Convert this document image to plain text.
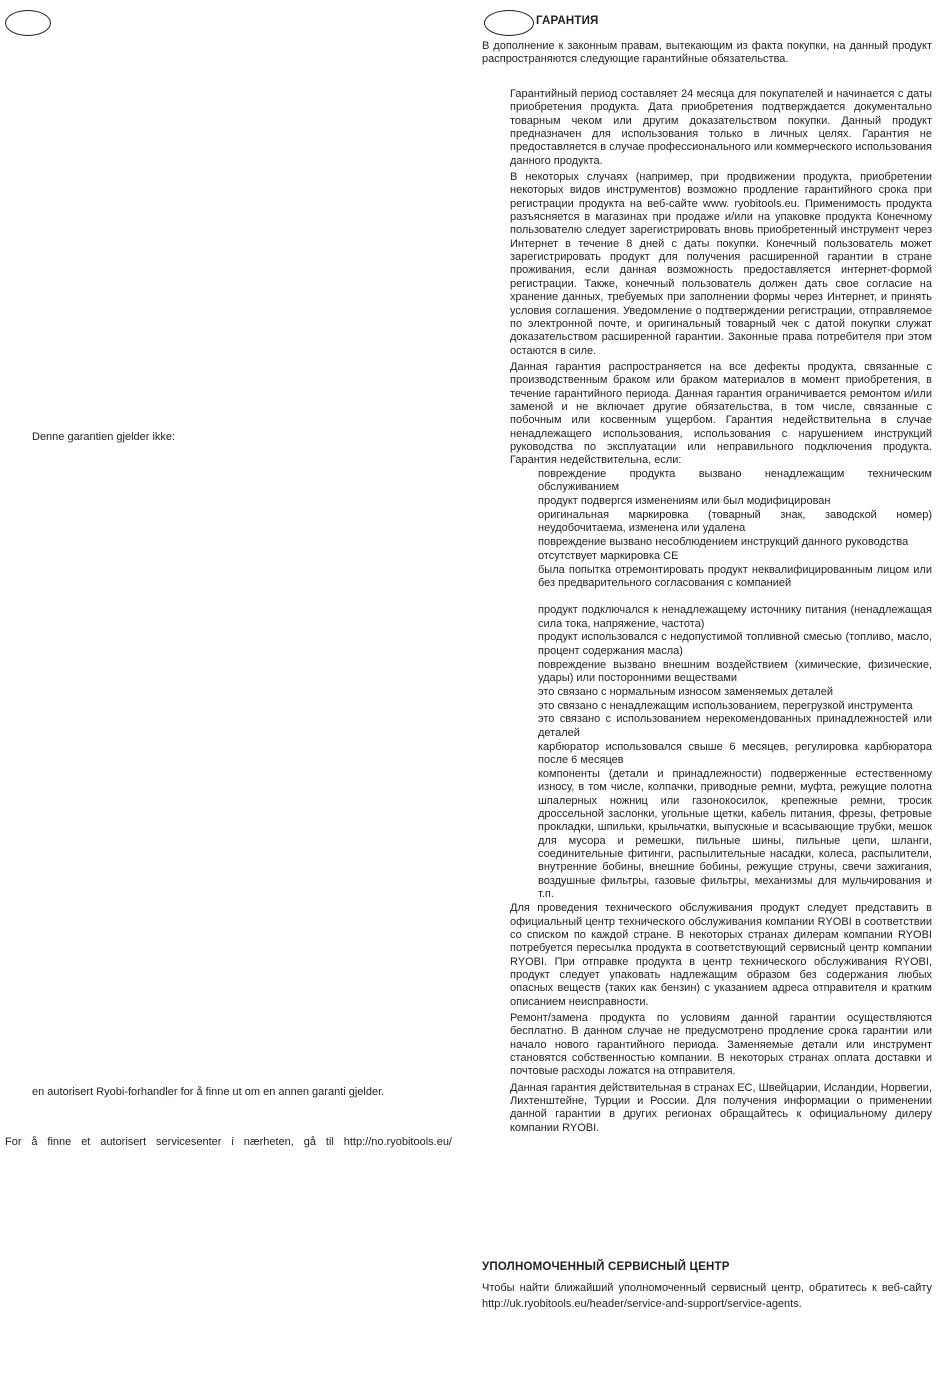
Denne garantien gjelder ikke:
en autorisert Ryobi-forhandler for å finne ut om en annen garanti gjelder.
For å finne et autorisert servicesenter i nærheten, gå til http://no.ryobitools.eu/
ГАРАНТИЯ

В дополнение к законным правам, вытекающим из факта покупки, на данный продукт распространяются следующие гарантийные обязательства.

Гарантийный период составляет 24 месяца для покупателей и начинается с даты приобретения продукта. Дата приобретения подтверждается документально товарным чеком или другим доказательством покупки. Данный продукт предназначен для использования только в личных целях. Гарантия не предоставляется в случае профессионального или коммерческого использования данного продукта.

В некоторых случаях (например, при продвижении продукта, приобретении некоторых видов инструментов) возможно продление гарантийного срока при регистрации продукта на веб-сайте www. ryobitools.eu. Применимость продукта разъясняется в магазинах при продаже и/или на упаковке продукта Конечному пользователю следует зарегистрировать вновь приобретенный инструмент через Интернет в течение 8 дней с даты покупки. Конечный пользователь может зарегистрировать продукт для получения расширенной гарантии в стране проживания, если данная возможность предоставляется интернет-формой регистрации. Также, конечный пользователь должен дать свое согласие на хранение данных, требуемых при заполнении формы через Интернет, и принять условия соглашения. Уведомление о подтверждении регистрации, отправляемое по электронной почте, и оригинальный товарный чек с датой покупки служат доказательством расширенной гарантии. Законные права потребителя при этом остаются в силе.

Данная гарантия распространяется на все дефекты продукта, связанные с производственным браком или браком материалов в момент приобретения, в течение гарантийного периода. Данная гарантия ограничивается ремонтом и/или заменой и не включает другие обязательства, в том числе, связанные с побочным или косвенным ущербом. Гарантия недействительна в случае ненадлежащего использования, использования с нарушением инструкций руководства по эксплуатации или неправильного подключения продукта. Гарантия недействительна, если:

повреждение продукта вызвано ненадлежащим техническим обслуживанием
продукт подвергся изменениям или был модифицирован
оригинальная маркировка (товарный знак, заводской номер) неудобочитаема, изменена или удалена
повреждение вызвано несоблюдением инструкций данного руководства
отсутствует маркировка CE
была попытка отремонтировать продукт неквалифицированным лицом или без предварительного согласования с компанией
продукт подключался к ненадлежащему источнику питания (ненадлежащая сила тока, напряжение, частота)
продукт использовался с недопустимой топливной смесью (топливо, масло, процент содержания масла)
повреждение вызвано внешним воздействием (химические, физические, удары) или посторонними веществами
это связано с нормальным износом заменяемых деталей
это связано с ненадлежащим использованием, перегрузкой инструмента
это связано с использованием нерекомендованных принадлежностей или деталей
карбюратор использовался свыше 6 месяцев, регулировка карбюратора после 6 месяцев
компоненты (детали и принадлежности) подверженные естественному износу, в том числе, колпачки, приводные ремни, муфта, режущие полотна шпалерных ножниц или газонокосилок, крепежные ремни, тросик дроссельной заслонки, угольные щетки, кабель питания, фрезы, фетровые прокладки, шпильки, крыльчатки, выпускные и всасывающие трубки, мешок для мусора и ремешки, пильные шины, пильные цепи, шланги, соединительные фитинги, распылительные насадки, колеса, распылители, внутренние бобины, внешние бобины, режущие струны, свечи зажигания, воздушные фильтры, газовые фильтры, механизмы для мульчирования и т.п.

Для проведения технического обслуживания продукт следует представить в официальный центр технического обслуживания компании RYOBI в соответствии со списком по каждой стране. В некоторых странах дилерам компании RYOBI потребуется пересылка продукта в соответствующий сервисный центр компании RYOBI. При отправке продукта в центр технического обслуживания RYOBI, продукт следует упаковать надлежащим образом без содержания любых опасных веществ (таких как бензин) с указанием адреса отправителя и кратким описанием неисправности.

Ремонт/замена продукта по условиям данной гарантии осуществляются бесплатно. В данном случае не предусмотрено продление срока гарантии или начало нового гарантийного периода. Заменяемые детали или инструмент становятся собственностью компании. В некоторых странах оплата доставки и почтовые расходы ложатся на отправителя.

Данная гарантия действительная в странах ЕС, Швейцарии, Исландии, Норвегии, Лихтенштейне, Турции и России. Для получения информации о применении данной гарантии в других регионах обращайтесь к официальному дилеру компании RYOBI.

УПОЛНОМОЧЕННЫЙ СЕРВИСНЫЙ ЦЕНТР

Чтобы найти ближайший уполномоченный сервисный центр, обратитесь к веб-сайту http://uk.ryobitools.eu/header/service-and-support/service-agents.
